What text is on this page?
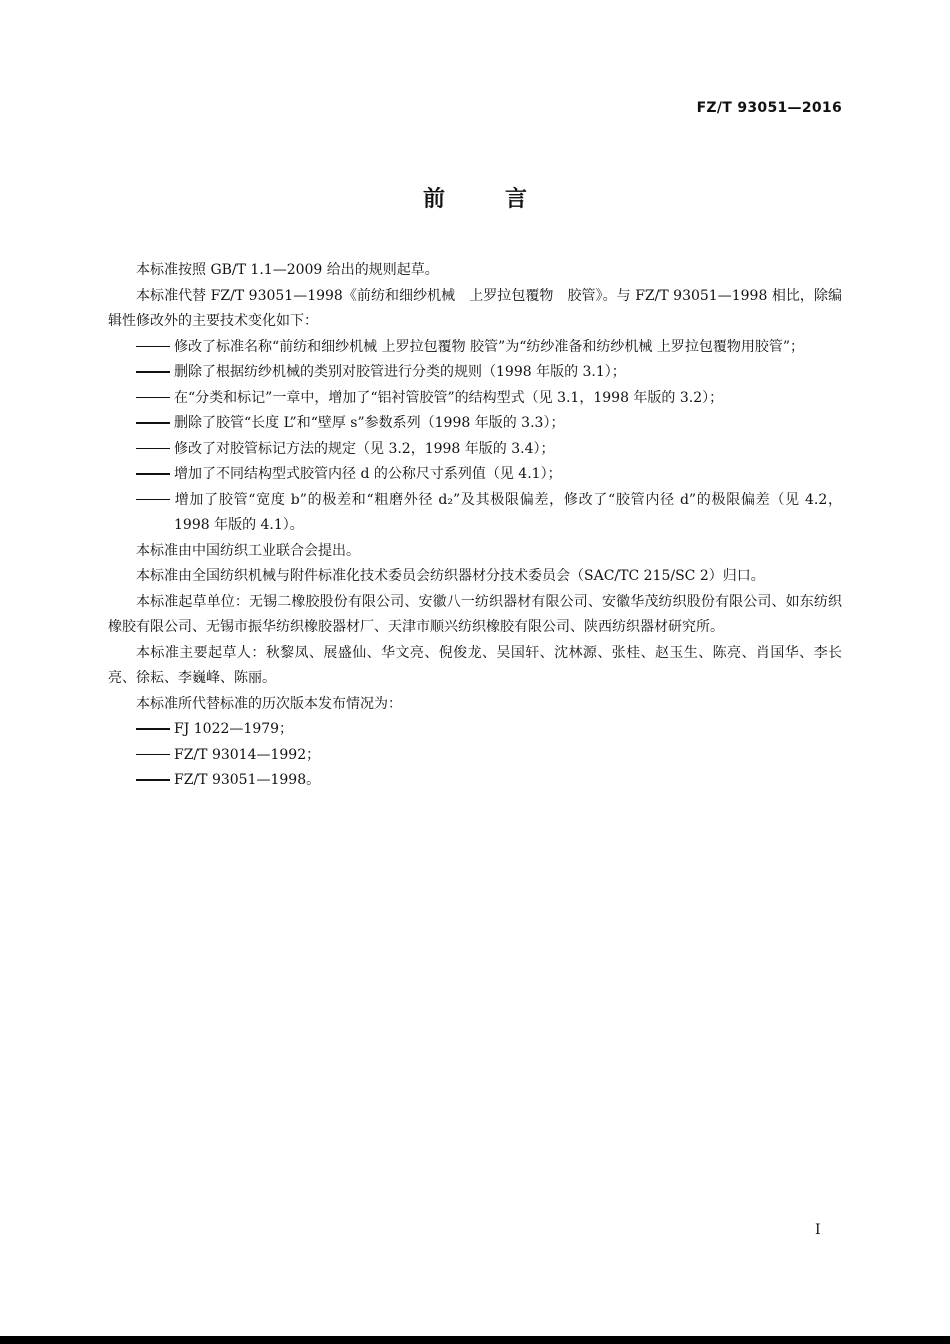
FZ/T 93051—2016
前言
本标准按照 GB/T 1.1—2009 给出的规则起草。
本标准代替 FZ/T 93051—1998《前纺和细纱机械　上罗拉包覆物　胶管》。与 FZ/T 93051—1998 相比，除编辑性修改外的主要技术变化如下：
修改了标准名称“前纺和细纱机械 上罗拉包覆物 胶管”为“纺纱准备和纺纱机械 上罗拉包覆物用胶管”；
删除了根据纺纱机械的类别对胶管进行分类的规则（1998 年版的 3.1）；
在“分类和标记”一章中，增加了“铝衬管胶管”的结构型式（见 3.1，1998 年版的 3.2）；
删除了胶管“长度 L”和“壁厚 s”参数系列（1998 年版的 3.3）；
修改了对胶管标记方法的规定（见 3.2，1998 年版的 3.4）；
增加了不同结构型式胶管内径 d 的公称尺寸系列值（见 4.1）；
增加了胶管“宽度 b”的极差和“粗磨外径 d₂”及其极限偏差，修改了“胶管内径 d”的极限偏差（见 4.2，1998 年版的 4.1）。
本标准由中国纺织工业联合会提出。
本标准由全国纺织机械与附件标准化技术委员会纺织器材分技术委员会（SAC/TC 215/SC 2）归口。
本标准起草单位：无锡二橡胶股份有限公司、安徽八一纺织器材有限公司、安徽华茂纺织股份有限公司、如东纺织橡胶有限公司、无锡市振华纺织橡胶器材厂、天津市顺兴纺织橡胶有限公司、陕西纺织器材研究所。
本标准主要起草人：秋黎凤、展盛仙、华文亮、倪俊龙、吴国轩、沈林源、张桂、赵玉生、陈亮、肖国华、李长亮、徐耘、李巍峰、陈丽。
本标准所代替标准的历次版本发布情况为：
FJ 1022—1979；
FZ/T 93014—1992；
FZ/T 93051—1998。
I
